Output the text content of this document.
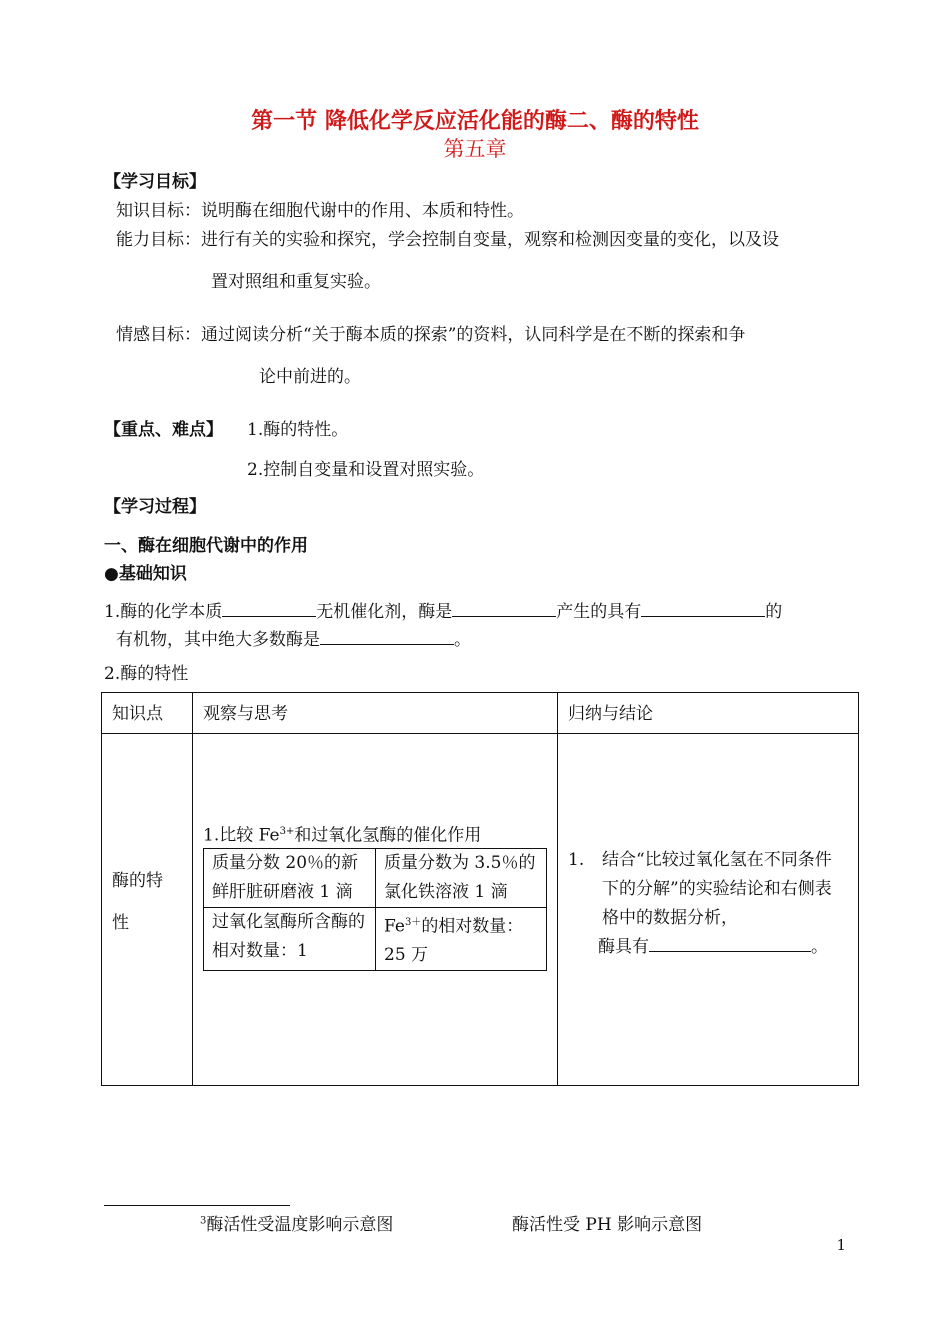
第一节 降低化学反应活化能的酶二、酶的特性
第五章
【学习目标】
知识目标：说明酶在细胞代谢中的作用、本质和特性。
能力目标：进行有关的实验和探究，学会控制自变量，观察和检测因变量的变化，以及设
置对照组和重复实验。
情感目标：通过阅读分析“关于酶本质的探索”的资料，认同科学是在不断的探索和争
论中前进的。
【重点、难点】 1.酶的特性。
2.控制自变量和设置对照实验。
【学习过程】
一、酶在细胞代谢中的作用
●基础知识
1.酶的化学本质	无机催化剂，酶是	产生的具有	的
有机物，其中绝大多数酶是	。
2.酶的特性
知识点	观察与思考	归纳与结论

酶的特
性

1.比较 $Fe^{3+}$和过氧化氢酶的催化作用
质量分数 20％的新鲜肝脏研磨液 1 滴	质量分数为 3.5％的氯化铁溶液 1 滴
过氧化氢酶所含酶的相对数量：1	$Fe^{3+}$的相对数量：25 万

1.	结合“比较过氧化氢在不同条件下的分解”的实验结论和右侧表格中的数据分析，
酶具有	。
$^3$酶活性受温度影响示意图	酶活性受 PH 影响示意图
1
